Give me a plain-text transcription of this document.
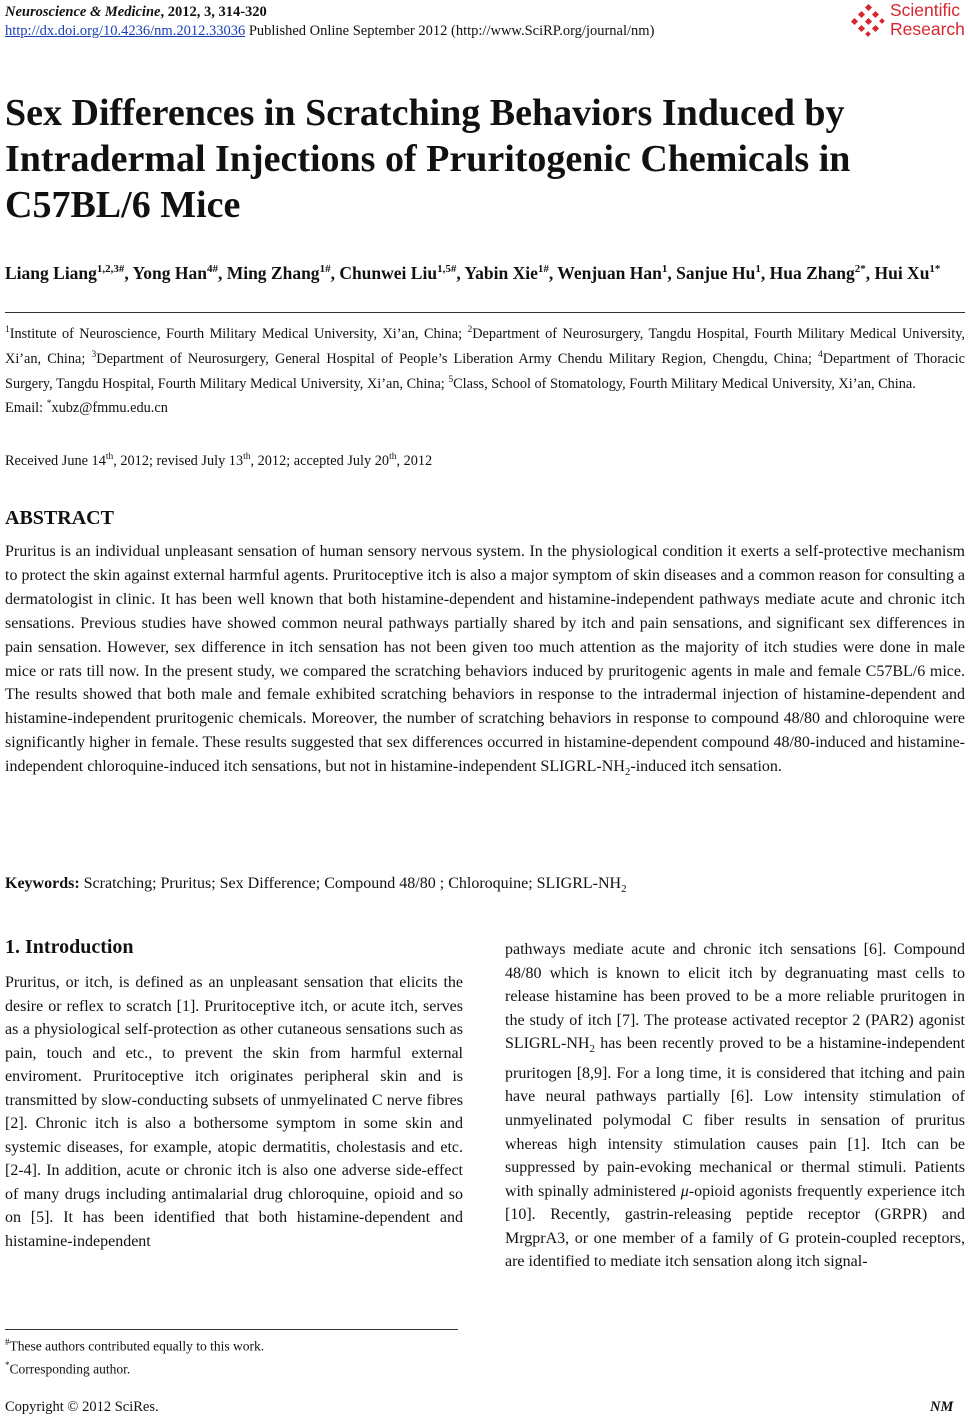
Neuroscience & Medicine, 2012, 3, 314-320
http://dx.doi.org/10.4236/nm.2012.33036 Published Online September 2012 (http://www.SciRP.org/journal/nm)
Scientific
Research
Sex Differences in Scratching Behaviors Induced by Intradermal Injections of Pruritogenic Chemicals in C57BL/6 Mice
Liang Liang$^{1,2,3\#}$, Yong Han$^{4\#}$, Ming Zhang$^{1\#}$, Chunwei Liu$^{1,5\#}$, Yabin Xie$^{1\#}$, Wenjuan Han$^1$, Sanjue Hu$^1$, Hua Zhang$^{2*}$, Hui $Xu^{1*}$
$^1$Institute of Neuroscience, Fourth Military Medical University, Xi’an, China; $^2$Department of Neurosurgery, Tangdu Hospital, Fourth Military Medical University, Xi’an, China; $^3$Department of Neurosurgery, General Hospital of People’s Liberation Army Chendu Military Region, Chengdu, China; $^4$Department of Thoracic Surgery, Tangdu Hospital, Fourth Military Medical University, Xi’an, China; $^5$Class, School of Stomatology, Fourth Military Medical University, Xi’an, China.
Email: *xubz@fmmu.edu.cn
Received June 14th, 2012; revised July 13th, 2012; accepted July 20th, 2012
ABSTRACT
Pruritus is an individual unpleasant sensation of human sensory nervous system. In the physiological condition it exerts a self-protective mechanism to protect the skin against external harmful agents. Pruritoceptive itch is also a major symptom of skin diseases and a common reason for consulting a dermatologist in clinic. It has been well known that both histamine-dependent and histamine-independent pathways mediate acute and chronic itch sensations. Previous studies have showed common neural pathways partially shared by itch and pain sensations, and significant sex differences in pain sensation. However, sex difference in itch sensation has not been given too much attention as the majority of itch studies were done in male mice or rats till now. In the present study, we compared the scratching behaviors induced by pruritogenic agents in male and female C57BL/6 mice. The results showed that both male and female exhibited scratching behaviors in response to the intradermal injection of histamine-dependent and histamine-independent pruritogenic chemicals. Moreover, the number of scratching behaviors in response to compound 48/80 and chloroquine were significantly higher in female. These results suggested that sex differences occurred in histamine-dependent compound 48/80-induced and histamine-independent chloroquine-induced itch sensations, but not in histamine-independent SLIGRL-$NH_2$-induced itch sensation.
Keywords: Scratching; Pruritus; Sex Difference; Compound 48/80 ; Chloroquine; SLIGRL-$NH_2$
1. Introduction
Pruritus, or itch, is defined as an unpleasant sensation that elicits the desire or reflex to scratch [1]. Pruritoceptive itch, or acute itch, serves as a physiological self-protection as other cutaneous sensations such as pain, touch and etc., to prevent the skin from harmful external enviroment. Pruritoceptive itch originates peripheral skin and is transmitted by slow-conducting subsets of unmyelinated C nerve fibres [2]. Chronic itch is also a bothersome symptom in some skin and systemic diseases, for example, atopic dermatitis, cholestasis and etc. [2-4]. In addition, acute or chronic itch is also one adverse side-effect of many drugs including antimalarial drug chloroquine, opioid and so on [5]. It has been identified that both histamine-dependent and histamine-independent
pathways mediate acute and chronic itch sensations [6]. Compound 48/80 which is known to elicit itch by degranuating mast cells to release histamine has been proved to be a more reliable pruritogen in the study of itch [7]. The protease activated receptor 2 (PAR2) agonist SLIGRL-$NH_2$ has been recently proved to be a histamine-independent pruritogen [8,9]. For a long time, it is considered that itching and pain have neural pathways partially [6]. Low intensity stimulation of unmyelinated polymodal C fiber results in sensation of pruritus whereas high intensity stimulation causes pain [1]. Itch can be suppressed by pain-evoking mechanical or thermal stimuli. Patients with spinally administered μ-opioid agonists frequently experience itch [10]. Recently, gastrin-releasing peptide receptor (GRPR) and MrgprA3, or one member of a family of G protein-coupled receptors, are identified to mediate itch sensation along itch signal-
#These authors contributed equally to this work.
*Corresponding author.
Copyright © 2012 SciRes.	NM
